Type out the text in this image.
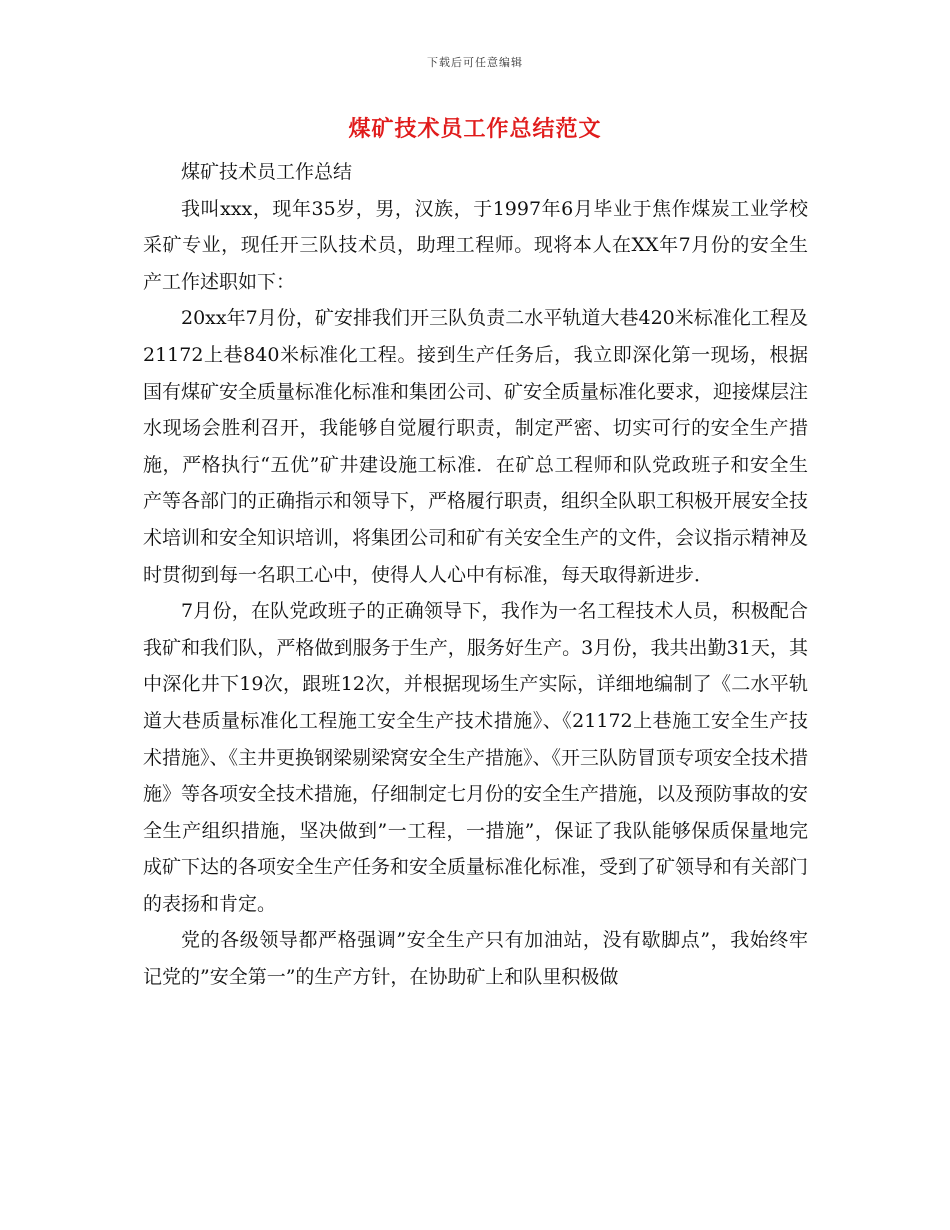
下载后可任意编辑
煤矿技术员工作总结范文

煤矿技术员工作总结

我叫xxx，现年35岁，男，汉族，于1997年6月毕业于焦作煤炭工业学校采矿专业，现任开三队技术员，助理工程师。现将本人在XX年7月份的安全生产工作述职如下：

20xx年7月份，矿安排我们开三队负责二水平轨道大巷420米标准化工程及21172上巷840米标准化工程。接到生产任务后，我立即深化第一现场，根据国有煤矿安全质量标准化标准和集团公司、矿安全质量标准化要求，迎接煤层注水现场会胜利召开，我能够自觉履行职责，制定严密、切实可行的安全生产措施，严格执行“五优”矿井建设施工标准．在矿总工程师和队党政班子和安全生产等各部门的正确指示和领导下，严格履行职责，组织全队职工积极开展安全技术培训和安全知识培训，将集团公司和矿有关安全生产的文件，会议指示精神及时贯彻到每一名职工心中，使得人人心中有标准，每天取得新进步．

7月份，在队党政班子的正确领导下，我作为一名工程技术人员，积极配合我矿和我们队，严格做到服务于生产，服务好生产。3月份，我共出勤31天，其中深化井下19次，跟班12次，并根据现场生产实际，详细地编制了《二水平轨道大巷质量标准化工程施工安全生产技术措施》、《21172上巷施工安全生产技术措施》、《主井更换钢梁剔梁窝安全生产措施》、《开三队防冒顶专项安全技术措施》等各项安全技术措施，仔细制定七月份的安全生产措施，以及预防事故的安全生产组织措施，坚决做到”一工程，一措施”，保证了我队能够保质保量地完成矿下达的各项安全生产任务和安全质量标准化标准，受到了矿领导和有关部门的表扬和肯定。

党的各级领导都严格强调”安全生产只有加油站，没有歇脚点”，我始终牢记党的”安全第一”的生产方针，在协助矿上和队里积极做
